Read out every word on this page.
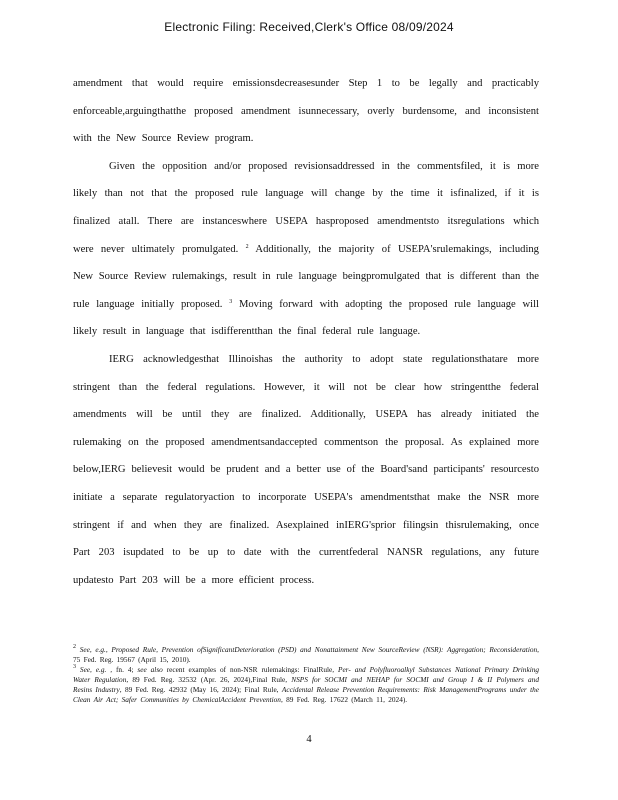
Electronic Filing: Received,Clerk's Office 08/09/2024

amendment that would require emissionsdecreasesunder Step 1 to be legally and practicably enforceable,arguingthatthe proposed amendment isunnecessary, overly burdensome, and inconsistent with the New Source Review program.

Given the opposition and/or proposed revisionsaddressed in the commentsfiled, it is more likely than not that the proposed rule language will change by the time it isfinalized, if it is finalized atall. There are instanceswhere USEPA hasproposed amendmentsto itsregulations which were never ultimately promulgated. $^2$ Additionally, the majority of USEPA'srulemakings, including New Source Review rulemakings, result in rule language beingpromulgated that is different than the rule language initially proposed. $^3$ Moving forward with adopting the proposed rule language will likely result in language that isdifferentthan the final federal rule language.

IERG acknowledgesthat Illinoishas the authority to adopt state regulationsthatare more stringent than the federal regulations. However, it will not be clear how stringentthe federal amendments will be until they are finalized. Additionally, USEPA has already initiated the rulemaking on the proposed amendmentsandaccepted commentson the proposal. As explained more below,IERG believesit would be prudent and a better use of the Board'sand participants' resourcesto initiate a separate regulatoryaction to incorporate USEPA's amendmentsthat make the NSR more stringent if and when they are finalized. Asexplained inIERG'sprior filingsin thisrulemaking, once Part 203 isupdated to be up to date with the currentfederal NANSR regulations, any future updatesto Part 203 will be a more efficient process.

$^2$ See, e.g., Proposed Rule, Prevention ofSignificantDeterioration (PSD) and Nonattainment New SourceReview (NSR): Aggregation; Reconsideration, 75 Fed. Reg. 19567 (April 15, 2010).

$^3$ See, e.g. , fn. 4; see also recent examples of non-NSR rulemakings: FinalRule, Per- and Polyfluoroalkyl Substances National Primary Drinking Water Regulation, 89 Fed. Reg. 32532 (Apr. 26, 2024),Final Rule, NSPS for SOCMI and NEHAP for SOCMI and Group I & II Polymers and Resins Industry, 89 Fed. Reg. 42932 (May 16, 2024); Final Rule, Accidental Release Prevention Requirements: Risk ManagementPrograms under the Clean Air Act; Safer Communities by ChemicalAccident Prevention, 89 Fed. Reg. 17622 (March 11, 2024).

4
